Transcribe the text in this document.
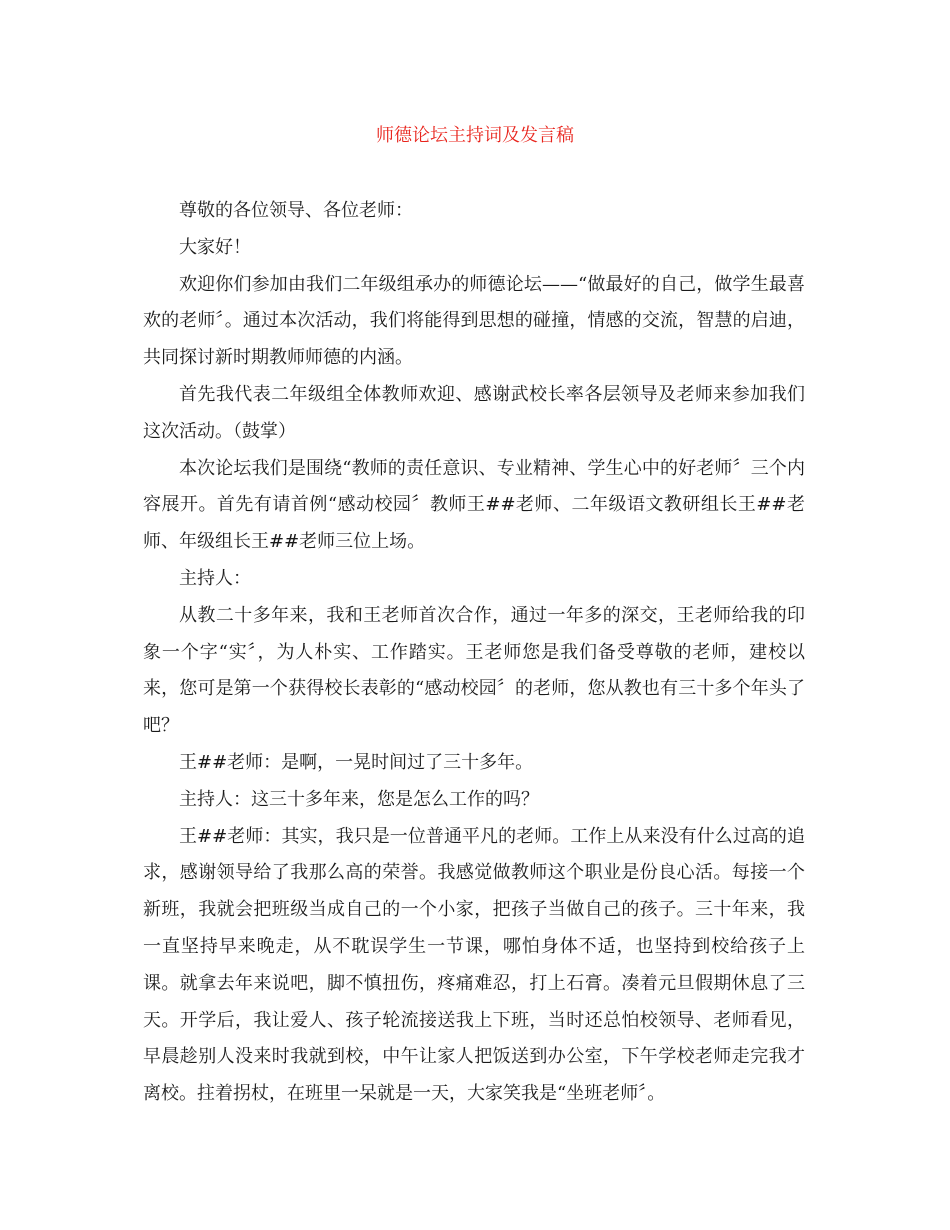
师德论坛主持词及发言稿

尊敬的各位领导、各位老师：

大家好！

欢迎你们参加由我们二年级组承办的师德论坛——“做最好的自己，做学生最喜欢的老师〞。通过本次活动，我们将能得到思想的碰撞，情感的交流，智慧的启迪，共同探讨新时期教师师德的内涵。

首先我代表二年级组全体教师欢迎、感谢武校长率各层领导及老师来参加我们这次活动。（鼓掌）

本次论坛我们是围绕“教师的责任意识、专业精神、学生心中的好老师〞三个内容展开。首先有请首例“感动校园〞教师王##老师、二年级语文教研组长王##老师、年级组长王##老师三位上场。

主持人：

从教二十多年来，我和王老师首次合作，通过一年多的深交，王老师给我的印象一个字“实〞，为人朴实、工作踏实。王老师您是我们备受尊敬的老师，建校以来，您可是第一个获得校长表彰的“感动校园〞的老师，您从教也有三十多个年头了吧？

王##老师：是啊，一晃时间过了三十多年。

主持人：这三十多年来，您是怎么工作的吗？

王##老师：其实，我只是一位普通平凡的老师。工作上从来没有什么过高的追求，感谢领导给了我那么高的荣誉。我感觉做教师这个职业是份良心活。每接一个新班，我就会把班级当成自己的一个小家，把孩子当做自己的孩子。三十年来，我一直坚持早来晚走，从不耽误学生一节课，哪怕身体不适，也坚持到校给孩子上课。就拿去年来说吧，脚不慎扭伤，疼痛难忍，打上石膏。凑着元旦假期休息了三天。开学后，我让爱人、孩子轮流接送我上下班，当时还总怕校领导、老师看见，早晨趁别人没来时我就到校，中午让家人把饭送到办公室，下午学校老师走完我才离校。拄着拐杖，在班里一呆就是一天，大家笑我是“坐班老师〞。
